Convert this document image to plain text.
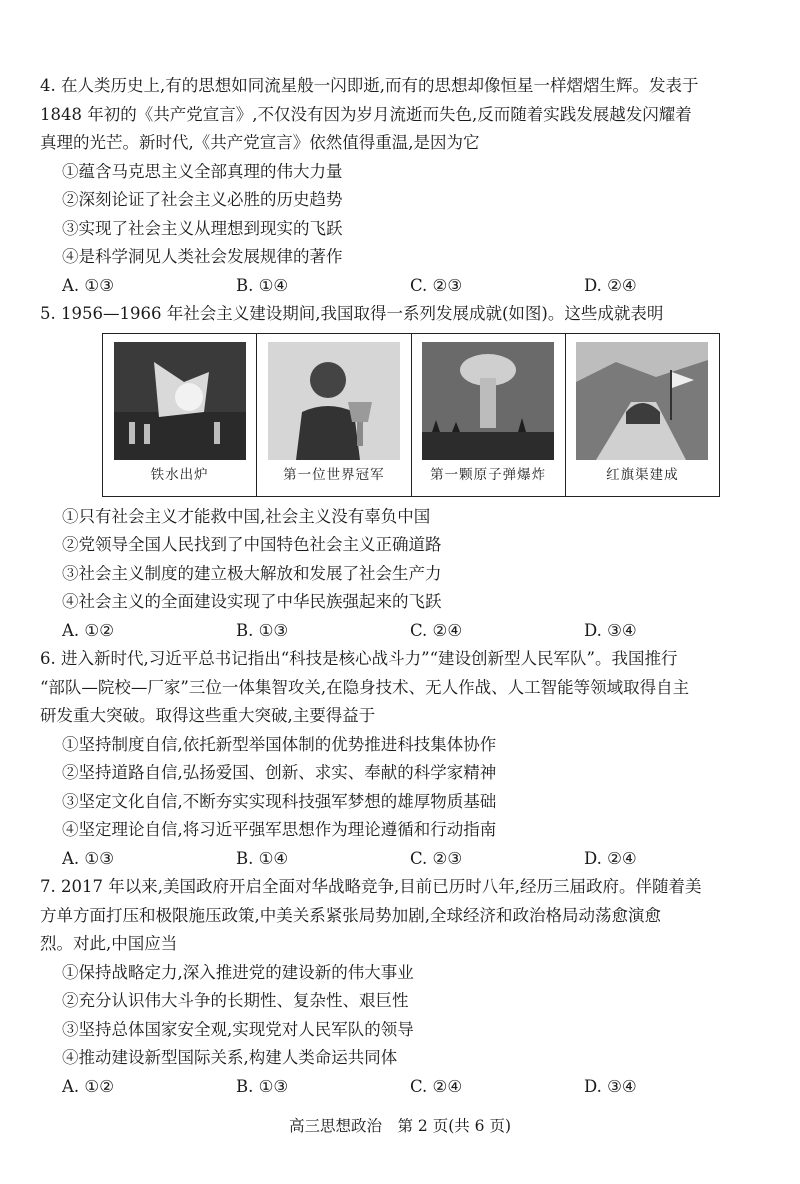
4. 在人类历史上,有的思想如同流星般一闪即逝,而有的思想却像恒星一样熠熠生辉。发表于

1848 年初的《共产党宣言》,不仅没有因为岁月流逝而失色,反而随着实践发展越发闪耀着

真理的光芒。新时代,《共产党宣言》依然值得重温,是因为它

①蕴含马克思主义全部真理的伟大力量

②深刻论证了社会主义必胜的历史趋势

③实现了社会主义从理想到现实的飞跃

④是科学洞见人类社会发展规律的著作

A. ①③	B. ①④	C. ②③	D. ②④

5. 1956—1966 年社会主义建设期间,我国取得一系列发展成就(如图)。这些成就表明

铁水出炉	第一位世界冠军	第一颗原子弹爆炸	红旗渠建成

①只有社会主义才能救中国,社会主义没有辜负中国

②党领导全国人民找到了中国特色社会主义正确道路

③社会主义制度的建立极大解放和发展了社会生产力

④社会主义的全面建设实现了中华民族强起来的飞跃

A. ①②	B. ①③	C. ②④	D. ③④

6. 进入新时代,习近平总书记指出“科技是核心战斗力”“建设创新型人民军队”。我国推行

“部队—院校—厂家”三位一体集智攻关,在隐身技术、无人作战、人工智能等领域取得自主

研发重大突破。取得这些重大突破,主要得益于

①坚持制度自信,依托新型举国体制的优势推进科技集体协作

②坚持道路自信,弘扬爱国、创新、求实、奉献的科学家精神

③坚定文化自信,不断夯实实现科技强军梦想的雄厚物质基础

④坚定理论自信,将习近平强军思想作为理论遵循和行动指南

A. ①③	B. ①④	C. ②③	D. ②④

7. 2017 年以来,美国政府开启全面对华战略竞争,目前已历时八年,经历三届政府。伴随着美

方单方面打压和极限施压政策,中美关系紧张局势加剧,全球经济和政治格局动荡愈演愈

烈。对此,中国应当

①保持战略定力,深入推进党的建设新的伟大事业

②充分认识伟大斗争的长期性、复杂性、艰巨性

③坚持总体国家安全观,实现党对人民军队的领导

④推动建设新型国际关系,构建人类命运共同体

A. ①②	B. ①③	C. ②④	D. ③④
高三思想政治　第 2 页(共 6 页)
